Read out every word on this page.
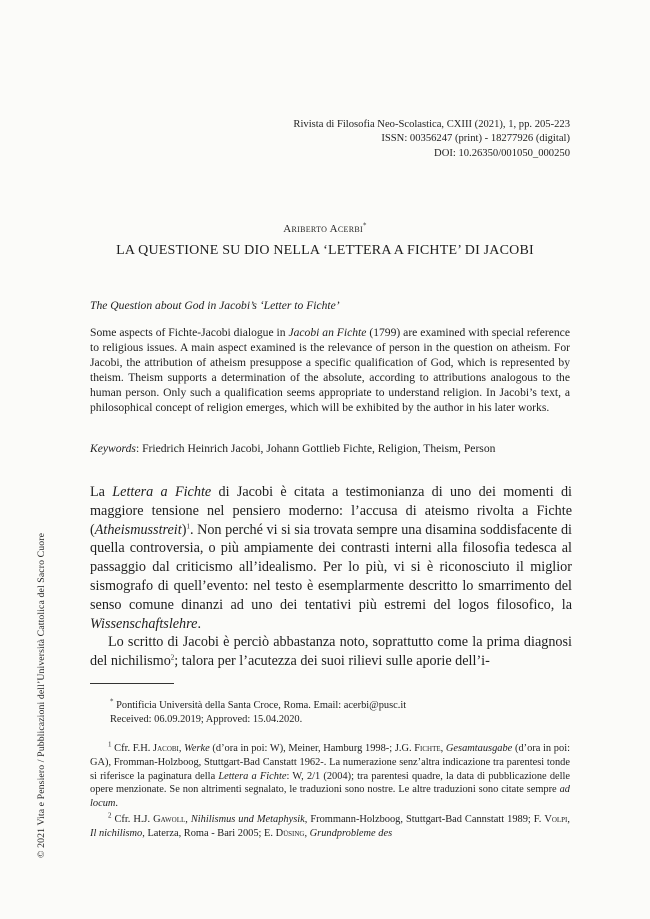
Rivista di Filosofia Neo-Scolastica, CXIII (2021), 1, pp. 205-223
ISSN: 00356247 (print) - 18277926 (digital)
DOI: 10.26350/001050_000250
Ariberto Acerbi*
LA QUESTIONE SU DIO NELLA ‘LETTERA A FICHTE’ DI JACOBI
The Question about God in Jacobi’s ‘Letter to Fichte’
Some aspects of Fichte-Jacobi dialogue in Jacobi an Fichte (1799) are examined with special reference to religious issues. A main aspect examined is the relevance of person in the question on atheism. For Jacobi, the attribution of atheism presuppose a specific qualification of God, which is represented by theism. Theism supports a determination of the absolute, according to attributions analogous to the human person. Only such a qualification seems appropriate to understand religion. In Jacobi’s text, a philosophical concept of religion emerges, which will be exhibited by the author in his later works.
Keywords: Friedrich Heinrich Jacobi, Johann Gottlieb Fichte, Religion, Theism, Person

La Lettera a Fichte di Jacobi è citata a testimonianza di uno dei momenti di maggiore tensione nel pensiero moderno: l’accusa di ateismo rivolta a Fichte (Atheismusstreit)$^1$. Non perché vi si sia trovata sempre una disamina soddisfacente di quella controversia, o più ampiamente dei contrasti interni alla filosofia tedesca al passaggio dal criticismo all’idealismo. Per lo più, vi si è riconosciuto il miglior sismografo di quell’evento: nel testo è esemplarmente descritto lo smarrimento del senso comune dinanzi ad uno dei tentativi più estremi del logos filosofico, la Wissenschaftslehre.

Lo scritto di Jacobi è perciò abbastanza noto, soprattutto come la prima diagnosi del nichilismo$^2$; talora per l’acutezza dei suoi rilievi sulle aporie dell’i-

* Pontificia Università della Santa Croce, Roma. Email: acerbi@pusc.it
Received: 06.09.2019; Approved: 15.04.2020.

$^1$ Cfr. F.H. Jacobi, Werke (d’ora in poi: W), Meiner, Hamburg 1998-; J.G. Fichte, Gesamtausgabe (d’ora in poi: GA), Fromman-Holzboog, Stuttgart-Bad Canstatt 1962-. La numerazione senz’altra indicazione tra parentesi tonde si riferisce la paginatura della Lettera a Fichte: W, 2/1 (2004); tra parentesi quadre, la data di pubblicazione delle opere menzionate. Se non altrimenti segnalato, le traduzioni sono nostre. Le altre traduzioni sono citate sempre ad locum.

$^2$ Cfr. H.J. Gawoll, Nihilismus und Metaphysik, Frommann-Holzboog, Stuttgart-Bad Cannstatt 1989; F. Volpi, Il nichilismo, Laterza, Roma - Bari 2005; E. Düsing, Grundprobleme des

© 2021 Vita e Pensiero / Pubblicazioni dell’Università Cattolica del Sacro Cuore
